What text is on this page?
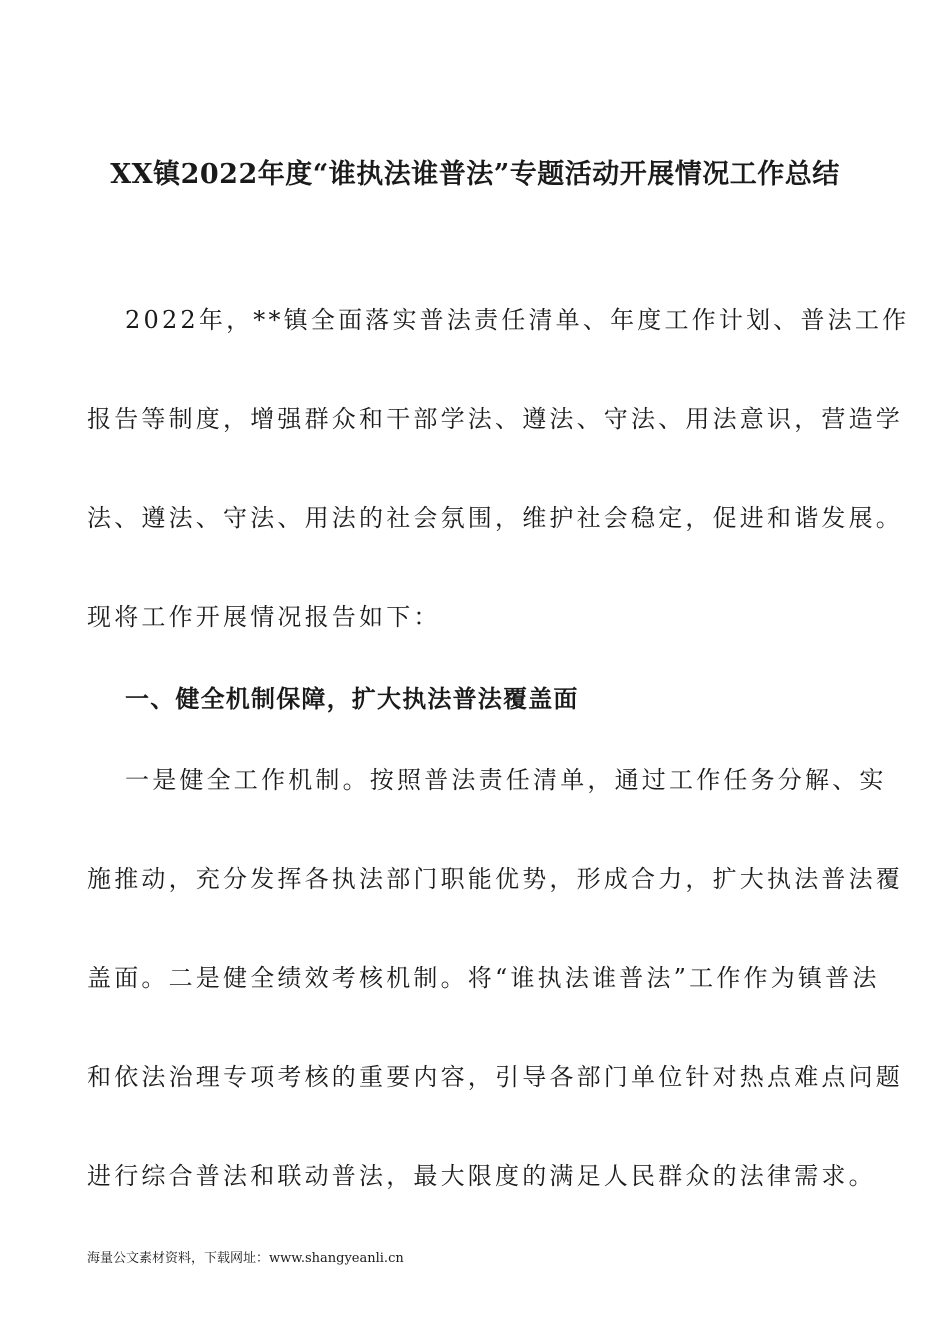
XX镇2022年度“谁执法谁普法”专题活动开展情况工作总结
2022年，**镇全面落实普法责任清单、年度工作计划、普法工作
报告等制度，增强群众和干部学法、遵法、守法、用法意识，营造学
法、遵法、守法、用法的社会氛围，维护社会稳定，促进和谐发展。
现将工作开展情况报告如下：
一、健全机制保障，扩大执法普法覆盖面
一是健全工作机制。按照普法责任清单，通过工作任务分解、实
施推动，充分发挥各执法部门职能优势，形成合力，扩大执法普法覆
盖面。二是健全绩效考核机制。将“谁执法谁普法”工作作为镇普法
和依法治理专项考核的重要内容，引导各部门单位针对热点难点问题
进行综合普法和联动普法，最大限度的满足人民群众的法律需求。
海量公文素材资料，下载网址：www.shangyeanli.cn
